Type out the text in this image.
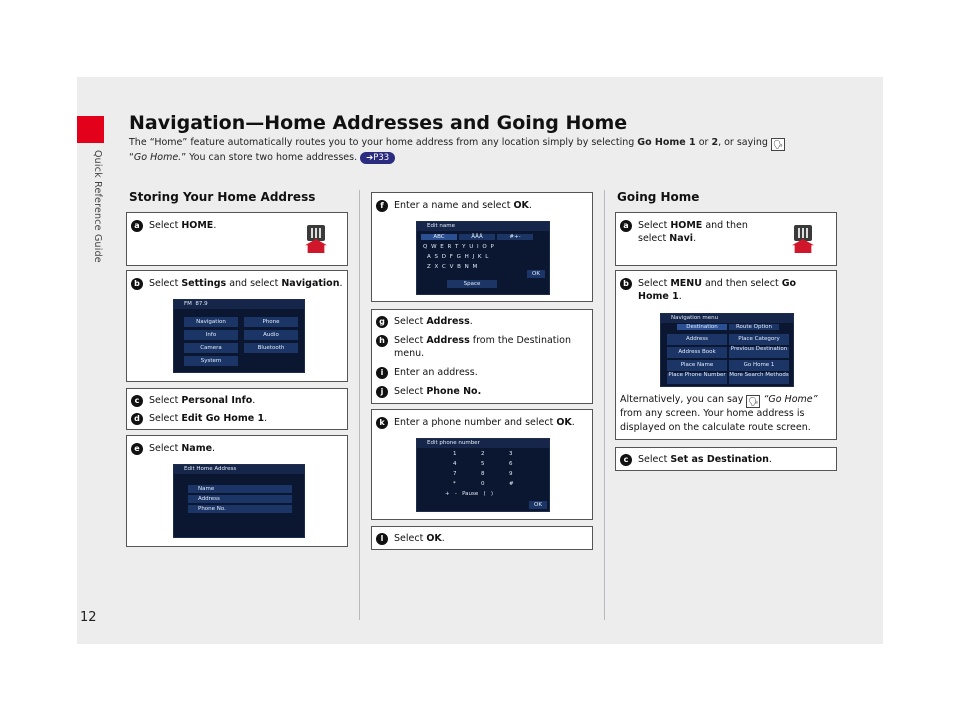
Quick Reference Guide
12
Navigation—Home Addresses and Going Home
The “Home” feature automatically routes you to your home address from any location simply by selecting Go Home 1 or 2, or saying 🗣
“Go Home.” You can store two home addresses. ➔P33
Storing Your Home Address
a Select HOME.
b Select Settings and select Navigation.
FM 87.9
Navigation	Phone
Info	Audio
Camera	Bluetooth
System
c Select Personal Info.
d Select Edit Go Home 1.
e Select Name.
Edit Home Address
Name
Address
Phone No.
f Enter a name and select OK.
Edit name
ABC	ÄÂÂ	#+-
Q W E R T Y U I O P
A S D F G H J K L
Z X C V B N M
Space
OK
g Select Address.
h Select Address from the Destination
menu.
i Enter an address.
j Select Phone No.
k Enter a phone number and select OK.
Edit phone number
1	2	3
4	5	6
7	8	9
*	0	#
+   -   Pause   (   )
OK
l Select OK.
Going Home
a Select HOME and then
select Navi.
b Select MENU and then select Go
Home 1.
Navigation menu
Destination	Route Option
Address	Place Category
Address Book	Previous Destination
Place Name	Go Home 1
Place Phone Number More Search Methods
Alternatively, you can say 🗣 “Go Home”
from any screen. Your home address is
displayed on the calculate route screen.
c Select Set as Destination.
